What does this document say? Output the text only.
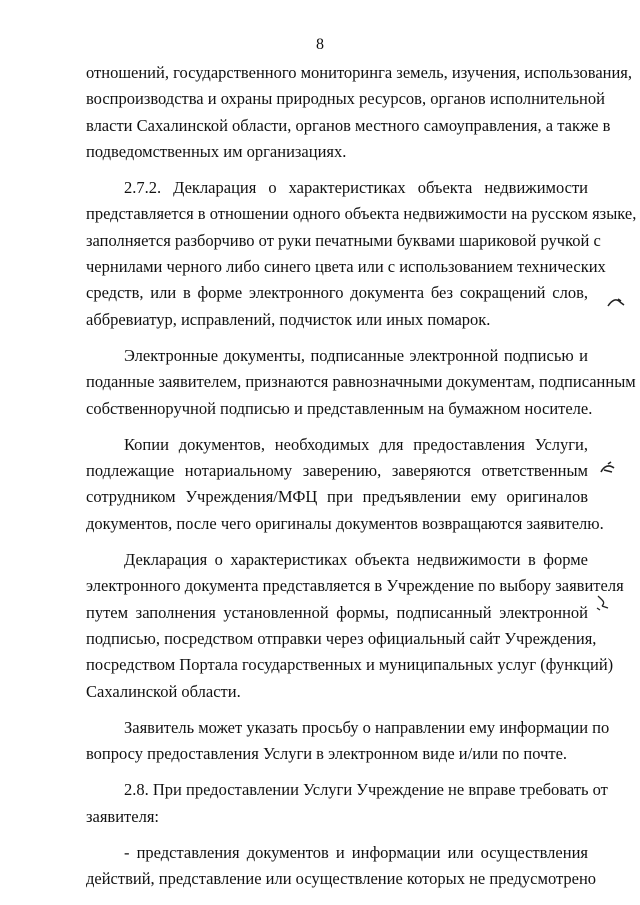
8
отношений, государственного мониторинга земель, изучения, использования,
воспроизводства и охраны природных ресурсов, органов исполнительной
власти Сахалинской области, органов местного самоуправления, а также в
подведомственных им организациях.
2.7.2. Декларация о характеристиках объекта недвижимости
представляется в отношении одного объекта недвижимости на русском языке,
заполняется разборчиво от руки печатными буквами шариковой ручкой с
чернилами черного либо синего цвета или с использованием технических
средств, или в форме электронного документа без сокращений слов,
аббревиатур, исправлений, подчисток или иных помарок.
Электронные документы, подписанные электронной подписью и
поданные заявителем, признаются равнозначными документам, подписанным
собственноручной подписью и представленным на бумажном носителе.
Копии документов, необходимых для предоставления Услуги,
подлежащие нотариальному заверению, заверяются ответственным
сотрудником Учреждения/МФЦ при предъявлении ему оригиналов
документов, после чего оригиналы документов возвращаются заявителю.
Декларация о характеристиках объекта недвижимости в форме
электронного документа представляется в Учреждение по выбору заявителя
путем заполнения установленной формы, подписанный электронной
подписью, посредством отправки через официальный сайт Учреждения,
посредством Портала государственных и муниципальных услуг (функций)
Сахалинской области.
Заявитель может указать просьбу о направлении ему информации по
вопросу предоставления Услуги в электронном виде и/или по почте.
2.8. При предоставлении Услуги Учреждение не вправе требовать от
заявителя:
- представления документов и информации или осуществления
действий, представление или осуществление которых не предусмотрено
